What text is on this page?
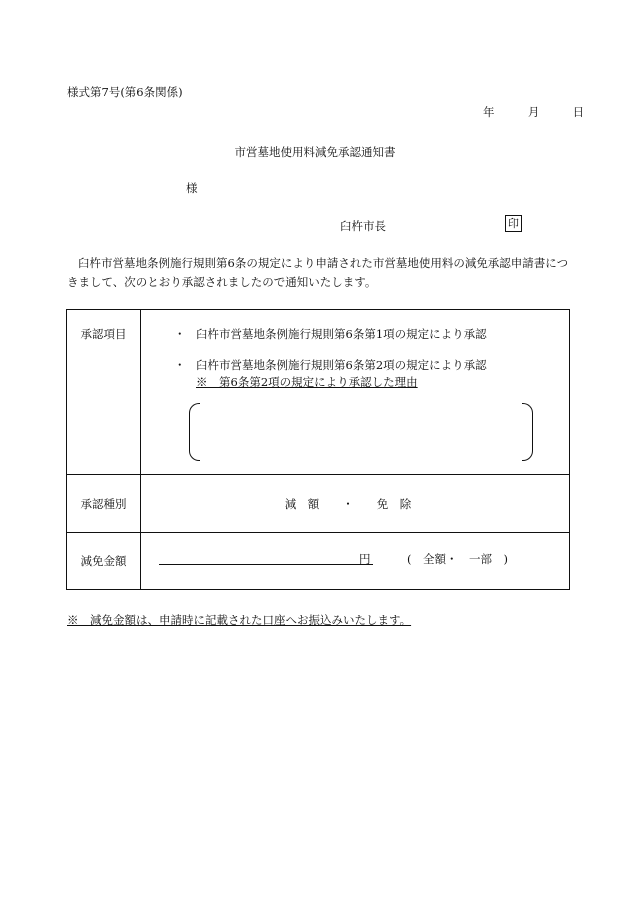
様式第7号(第6条関係)
年	月	日
市営墓地使用料減免承認通知書
様
臼杵市長	印
臼杵市営墓地条例施行規則第6条の規定により申請された市営墓地使用料の減免承認申請書につきまして、次のとおり承認されましたので通知いたします。
承認項目	・ 臼杵市営墓地条例施行規則第6条第1項の規定により承認
・ 臼杵市営墓地条例施行規則第6条第2項の規定により承認
※　第6条第2項の規定により承認した理由

承認種別	減　額　　・　　免　除
減免金額	円 (　全額・　一部　)
※　減免金額は、申請時に記載された口座へお振込みいたします。
